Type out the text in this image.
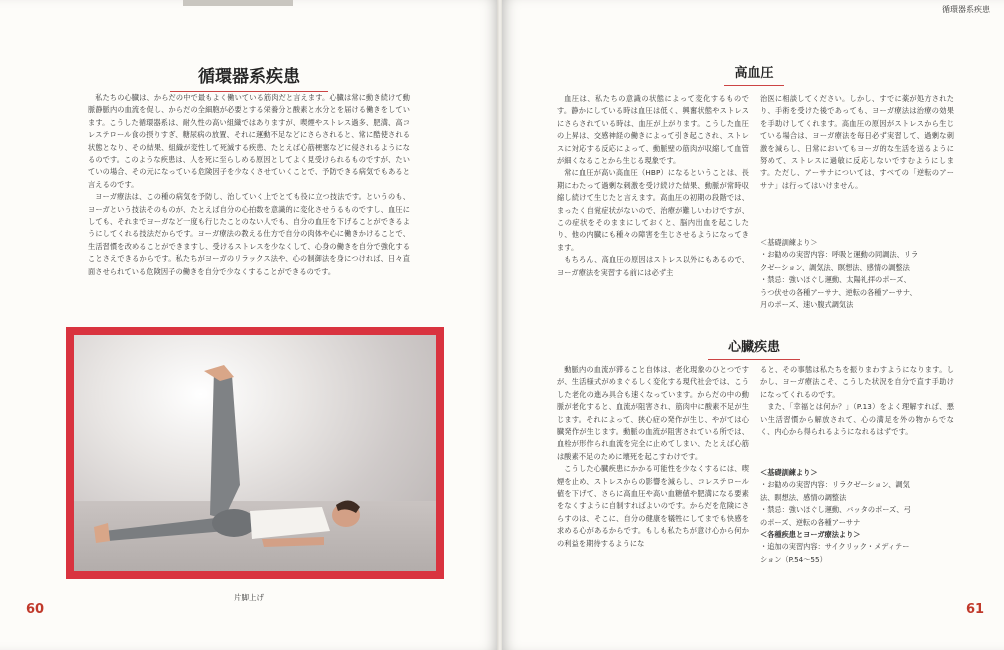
循環器系疾患

私たちの心臓は、からだの中で最もよく働いている筋肉だと言えます。心臓は常に動き続けて動脈静脈内の血流を促し、からだの全細胞が必要とする栄養分と酸素と水分とを届ける働きをしています。こうした循環器系は、耐久性の高い組織ではありますが、喫煙やストレス過多、肥満、高コレステロール食の摂りすぎ、糖尿病の放置、それに運動不足などにさらされると、常に酷使される状態となり、その結果、組織が変性して死滅する疾患、たとえば心筋梗塞などに侵されるようになるのです。このような疾患は、人を死に至らしめる原因としてよく見受けられるものですが、たいていの場合、その元になっている危険因子を少なくさせていくことで、予防できる病気でもあると言えるのです。

ヨーガ療法は、この種の病気を予防し、治していく上でとても役に立つ技法です。というのも、ヨーガという技法そのものが、たとえば自分の心拍数を意識的に変化させうるものですし、血圧にしても、それまでヨーガなど一度も行じたことのない人でも、自分の血圧を下げることができるようにしてくれる技法だからです。ヨーガ療法の教える仕方で自分の肉体や心に働きかけることで、生活習慣を改めることができますし、受けるストレスを少なくして、心身の働きを自分で強化することさえできるからです。私たちがヨーガのリラックス法や、心の制御法を身につければ、日々直面させられている危険因子の働きを自分で少なくすることができるのです。

片脚上げ
60
循環器系疾患
高血圧

血圧は、私たちの意識の状態によって変化するものです。静かにしている時は血圧は低く、興奮状態やストレスにさらされている時は、血圧が上がります。こうした血圧の上昇は、交感神経の働きによって引き起こされ、ストレスに対応する反応によって、動脈壁の筋肉が収縮して血管が細くなることから生じる現象です。

常に血圧が高い高血圧（HBP）になるということは、長期にわたって過剰な刺激を受け続けた結果、動脈が常時収縮し続けて生じたと言えます。高血圧の初期の段階では、まったく自覚症状がないので、治療が難しいわけですが、この症状をそのままにしておくと、脳内出血を起こしたり、他の内臓にも種々の障害を生じさせるようになってきます。

もちろん、高血圧の原因はストレス以外にもあるので、ヨーガ療法を実習する前には必ず主

治医に相談してください。しかし、すでに薬が処方されたり、手術を受けた後であっても、ヨーガ療法は治療の効果を手助けしてくれます。高血圧の原因がストレスから生じている場合は、ヨーガ療法を毎日必ず実習して、過剰な刺激を減らし、日常においてもヨーガ的な生活を送るように努めて、ストレスに過敏に反応しないですむようにします。ただし、アーサナについては、すべての「逆転のアーサナ」は行ってはいけません。

＜基礎訓練より＞
・お勧めの実習内容：呼吸と運動の同調法、リラ
クゼーション、調気法、瞑想法、感情の調整法
・禁忌：強いほぐし運動、太陽礼拝のポーズ、
うつ伏せの各種アーサナ、逆転の各種アーサナ、
月のポーズ、速い腹式調気法
心臓疾患

動脈内の血流が滞ること自体は、老化現象のひとつですが、生活様式がめまぐるしく変化する現代社会では、こうした老化の進み具合も速くなっています。からだの中の動脈が老化すると、血流が阻害され、筋肉中に酸素不足が生じます。それによって、狭心症の発作が生じ、やがては心臓発作が生じます。動脈の血流が阻害されている所では、血栓が形作られ血流を完全に止めてしまい、たとえば心筋は酸素不足のために壊死を起こすわけです。

こうした心臓疾患にかかる可能性を少なくするには、喫煙を止め、ストレスからの影響を減らし、コレステロール値を下げて、さらに高血圧や高い血糖値や肥満になる要素をなくすように自制すればよいのです。からだを危険にさらすのは、そこに、自分の健康を犠牲にしてまでも快感を求める心があるからです。もしも私たちが意け心から何かの利益を期待するようにな

ると、その事態は私たちを振りまわすようになります。しかし、ヨーガ療法こそ、こうした状況を自分で直す手助けになってくれるのです。

また、「幸福とは何か？」（P.13）をよく理解すれば、悪い生活習慣から解放されて、心の満足を外の物からでなく、内心から得られるようになれるはずです。

＜基礎訓練より＞
・お勧めの実習内容：リラクゼーション、調気
法、瞑想法、感情の調整法
・禁忌：強いほぐし運動、バッタのポーズ、弓
のポーズ、逆転の各種アーサナ
＜各種疾患とヨーガ療法より＞
・追加の実習内容：サイクリック・メディテー
ション（P.54～55）
61
